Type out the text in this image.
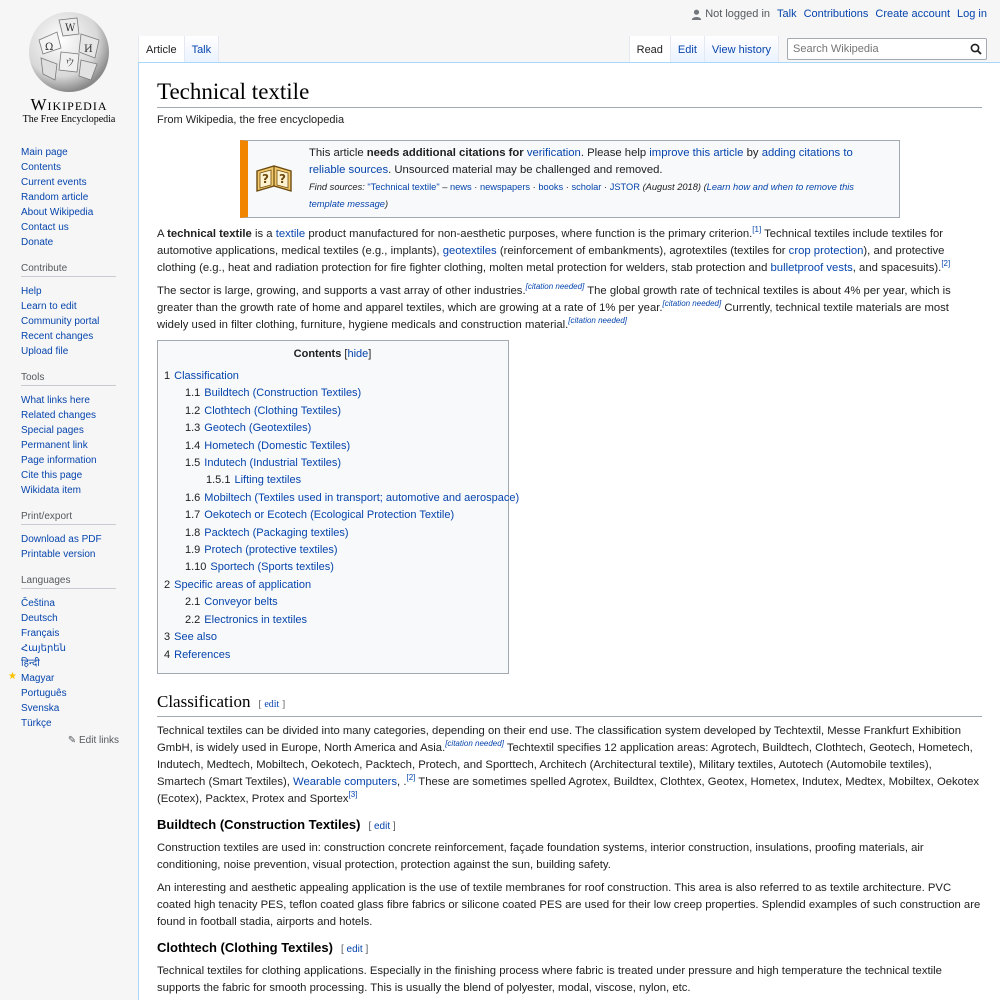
Ω
W
И
ウ
Wikipedia
The Free Encyclopedia
Not logged in Talk Contributions Create account Log in
Article	Talk	Read	Edit	View history
Search Wikipedia
Main page
Contents
Current events
Random article
About Wikipedia
Contact us
Donate
Contribute
Help
Learn to edit
Community portal
Recent changes
Upload file
Tools
What links here
Related changes
Special pages
Permanent link
Page information
Cite this page
Wikidata item
Print/export
Download as PDF
Printable version
Languages
Čeština
Deutsch
Français
Հայերեն
हिन्दी
★ Magyar
Português
Svenska
Türkçe
✎ Edit links
Technical textile
From Wikipedia, the free encyclopedia
? ?
This article needs additional citations for verification. Please help improve this article by adding citations to reliable sources. Unsourced material may be challenged and removed.
Find sources: "Technical textile" – news · newspapers · books · scholar · JSTOR (August 2018) (Learn how and when to remove this template message)

A technical textile is a textile product manufactured for non-aesthetic purposes, where function is the primary criterion.[1] Technical textiles include textiles for automotive applications, medical textiles (e.g., implants), geotextiles (reinforcement of embankments), agrotextiles (textiles for crop protection), and protective clothing (e.g., heat and radiation protection for fire fighter clothing, molten metal protection for welders, stab protection and bulletproof vests, and spacesuits).[2]

The sector is large, growing, and supports a vast array of other industries.[citation needed] The global growth rate of technical textiles is about 4% per year, which is greater than the growth rate of home and apparel textiles, which are growing at a rate of 1% per year.[citation needed] Currently, technical textile materials are most widely used in filter clothing, furniture, hygiene medicals and construction material.[citation needed]

Contents [hide]
1 Classification
1.1 Buildtech (Construction Textiles)
1.2 Clothtech (Clothing Textiles)
1.3 Geotech (Geotextiles)
1.4 Hometech (Domestic Textiles)
1.5 Indutech (Industrial Textiles)
1.5.1 Lifting textiles
1.6 Mobiltech (Textiles used in transport; automotive and aerospace)
1.7 Oekotech or Ecotech (Ecological Protection Textile)
1.8 Packtech (Packaging textiles)
1.9 Protech (protective textiles)
1.10 Sportech (Sports textiles)
2 Specific areas of application
2.1 Conveyor belts
2.2 Electronics in textiles
3 See also
4 References
Classification [ edit ]

Technical textiles can be divided into many categories, depending on their end use. The classification system developed by Techtextil, Messe Frankfurt Exhibition GmbH, is widely used in Europe, North America and Asia.[citation needed] Techtextil specifies 12 application areas: Agrotech, Buildtech, Clothtech, Geotech, Hometech, Indutech, Medtech, Mobiltech, Oekotech, Packtech, Protech, and Sporttech, Architech (Architectural textile), Military textiles, Autotech (Automobile textiles), Smartech (Smart Textiles), Wearable computers, .[2] These are sometimes spelled Agrotex, Buildtex, Clothtex, Geotex, Hometex, Indutex, Medtex, Mobiltex, Oekotex (Ecotex), Packtex, Protex and Sportex[3]

Buildtech (Construction Textiles) [ edit ]

Construction textiles are used in: construction concrete reinforcement, façade foundation systems, interior construction, insulations, proofing materials, air conditioning, noise prevention, visual protection, protection against the sun, building safety.

An interesting and aesthetic appealing application is the use of textile membranes for roof construction. This area is also referred to as textile architecture. PVC coated high tenacity PES, teflon coated glass fibre fabrics or silicone coated PES are used for their low creep properties. Splendid examples of such construction are found in football stadia, airports and hotels.

Clothtech (Clothing Textiles) [ edit ]

Technical textiles for clothing applications. Especially in the finishing process where fabric is treated under pressure and high temperature the technical textile supports the fabric for smooth processing. This is usually the blend of polyester, modal, viscose, nylon, etc.
